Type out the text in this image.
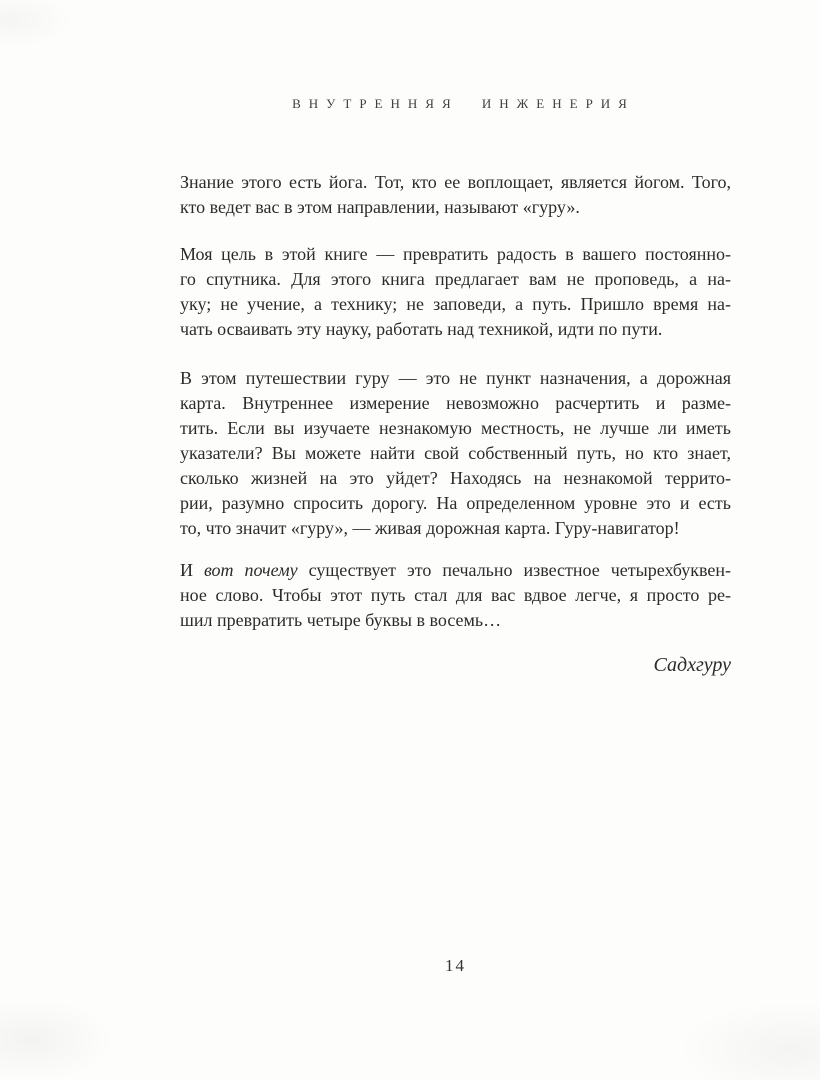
ВНУТРЕННЯЯ ИНЖЕНЕРИЯ
Знание этого есть йога. Тот, кто ее воплощает, является йогом. Того,
кто ведет вас в этом направлении, называют «гуру».
Моя цель в этой книге — превратить радость в вашего постоянно-
го спутника. Для этого книга предлагает вам не проповедь, а на-
уку; не учение, а технику; не заповеди, а путь. Пришло время на-
чать осваивать эту науку, работать над техникой, идти по пути.
В этом путешествии гуру — это не пункт назначения, а дорожная
карта. Внутреннее измерение невозможно расчертить и разме-
тить. Если вы изучаете незнакомую местность, не лучше ли иметь
указатели? Вы можете найти свой собственный путь, но кто знает,
сколько жизней на это уйдет? Находясь на незнакомой террито-
рии, разумно спросить дорогу. На определенном уровне это и есть
то, что значит «гуру», — живая дорожная карта. Гуру-навигатор!
И вот почему существует это печально известное четырехбуквен-
ное слово. Чтобы этот путь стал для вас вдвое легче, я просто ре-
шил превратить четыре буквы в восемь…
Садхгуру
14
